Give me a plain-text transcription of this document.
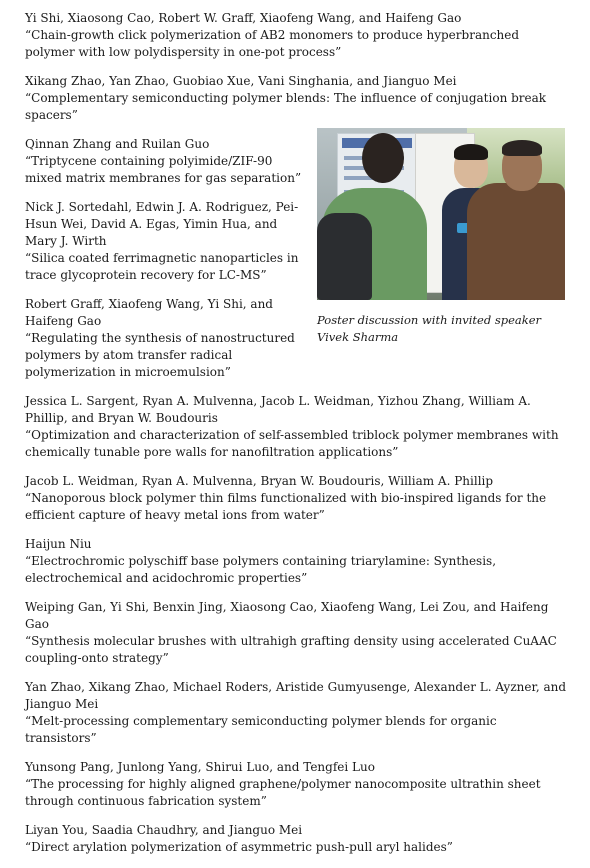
Yi Shi, Xiaosong Cao, Robert W. Graff, Xiaofeng Wang, and Haifeng Gao
“Chain-growth click polymerization of AB2 monomers to produce hyperbranched polymer with low polydispersity in one-pot process”
Xikang Zhao, Yan Zhao, Guobiao Xue, Vani Singhania, and Jianguo Mei
“Complementary semiconducting polymer blends: The influence of conjugation break spacers”
Qinnan Zhang and Ruilan Guo
“Triptycene containing polyimide/ZIF-90 mixed matrix membranes for gas separation”
Nick J. Sortedahl, Edwin J. A. Rodriguez, Pei-Hsun Wei, David A. Egas, Yimin Hua, and Mary J. Wirth
“Silica coated ferrimagnetic nanoparticles in trace glycoprotein recovery for LC-MS”
Robert Graff, Xiaofeng Wang, Yi Shi, and Haifeng Gao
“Regulating the synthesis of nanostructured polymers by atom transfer radical polymerization in microemulsion”
Jessica L. Sargent, Ryan A. Mulvenna, Jacob L. Weidman, Yizhou Zhang, William A. Phillip, and Bryan W. Boudouris
“Optimization and characterization of self-assembled triblock polymer membranes with chemically tunable pore walls for nanofiltration applications”
Jacob L. Weidman, Ryan A. Mulvenna, Bryan W. Boudouris, William A. Phillip
“Nanoporous block polymer thin films functionalized with bio-inspired ligands for the efficient capture of heavy metal ions from water”
Haijun Niu
“Electrochromic polyschiff base polymers containing triarylamine: Synthesis, electrochemical and acidochromic properties”
Weiping Gan, Yi Shi, Benxin Jing, Xiaosong Cao, Xiaofeng Wang, Lei Zou, and Haifeng Gao
“Synthesis molecular brushes with ultrahigh grafting density using accelerated CuAAC coupling-onto strategy”
Yan Zhao, Xikang Zhao, Michael Roders, Aristide Gumyusenge, Alexander L. Ayzner, and Jianguo Mei
“Melt-processing complementary semiconducting polymer blends for organic transistors”
Yunsong Pang, Junlong Yang, Shirui Luo, and Tengfei Luo
“The processing for highly aligned graphene/polymer nanocomposite ultrathin sheet through continuous fabrication system”
Liyan You, Saadia Chaudhry, and Jianguo Mei
“Direct arylation polymerization of asymmetric push-pull aryl halides”
Poster discussion with invited speaker Vivek Sharma
